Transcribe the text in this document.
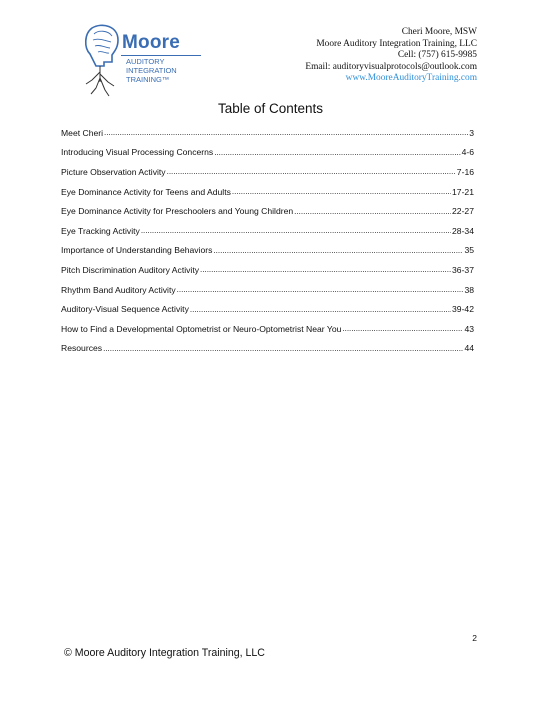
Moore
AUDITORY
INTEGRATION
TRAINING™
Cheri Moore, MSW
Moore Auditory Integration Training, LLC
Cell: (757) 615-9985
Email: auditoryvisualprotocols@outlook.com
www.MooreAuditoryTraining.com
Table of Contents
Meet Cheri .....	3
Introducing Visual Processing Concerns .....	4-6
Picture Observation Activity .....	7-16
Eye Dominance Activity for Teens and Adults .....	17-21
Eye Dominance Activity for Preschoolers and Young Children .....	22-27
Eye Tracking Activity .....	28-34
Importance of Understanding Behaviors .....	35
Pitch Discrimination Auditory Activity .....	36-37
Rhythm Band Auditory Activity .....	38
Auditory-Visual Sequence Activity .....	39-42
How to Find a Developmental Optometrist or Neuro-Optometrist Near You .....	43
Resources .....	44
2
© Moore Auditory Integration Training, LLC
